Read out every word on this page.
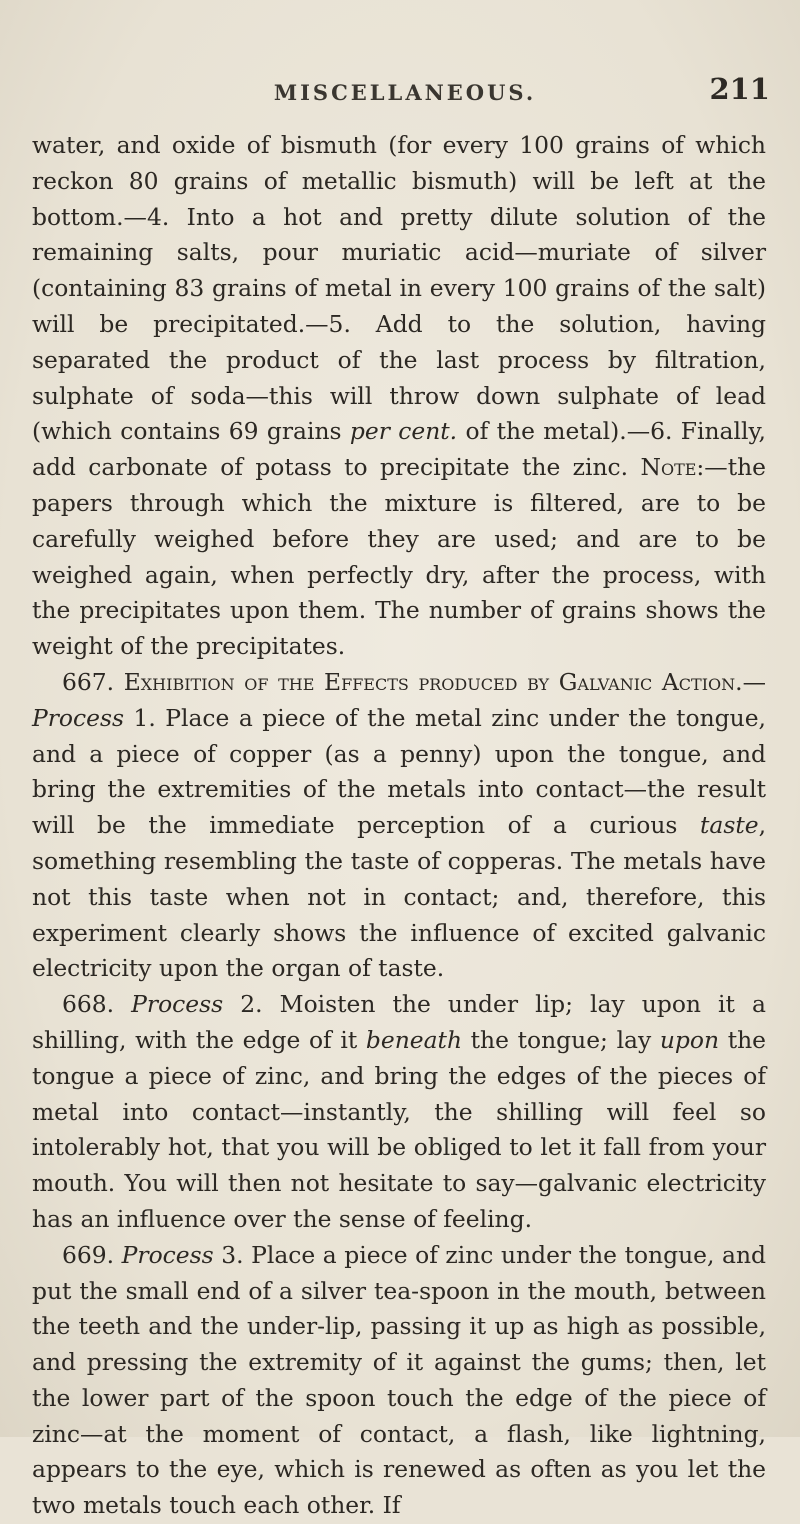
MISCELLANEOUS.	211

water, and oxide of bismuth (for every 100 grains of which reckon 80 grains of metallic bismuth) will be left at the bottom.—4. Into a hot and pretty dilute solution of the remaining salts, pour muriatic acid—muriate of silver (containing 83 grains of metal in every 100 grains of the salt) will be precipitated.—5. Add to the solution, having separated the product of the last process by filtration, sulphate of soda—this will throw down sulphate of lead (which contains 69 grains per cent. of the metal).—6. Finally, add carbonate of potass to precipitate the zinc. Note:—the papers through which the mixture is filtered, are to be carefully weighed before they are used; and are to be weighed again, when perfectly dry, after the process, with the precipitates upon them. The number of grains shows the weight of the precipitates.

667. Exhibition of the Effects produced by Galvanic Action.—Process 1. Place a piece of the metal zinc under the tongue, and a piece of copper (as a penny) upon the tongue, and bring the extremities of the metals into contact—the result will be the immediate perception of a curious taste, something resembling the taste of copperas. The metals have not this taste when not in contact; and, therefore, this experiment clearly shows the influence of excited galvanic electricity upon the organ of taste.

668. Process 2. Moisten the under lip; lay upon it a shilling, with the edge of it beneath the tongue; lay upon the tongue a piece of zinc, and bring the edges of the pieces of metal into contact—instantly, the shilling will feel so intolerably hot, that you will be obliged to let it fall from your mouth. You will then not hesitate to say—galvanic electricity has an influence over the sense of feeling.

669. Process 3. Place a piece of zinc under the tongue, and put the small end of a silver tea-spoon in the mouth, between the teeth and the under-lip, passing it up as high as possible, and pressing the extremity of it against the gums; then, let the lower part of the spoon touch the edge of the piece of zinc—at the moment of contact, a flash, like lightning, appears to the eye, which is renewed as often as you let the two metals touch each other. If
